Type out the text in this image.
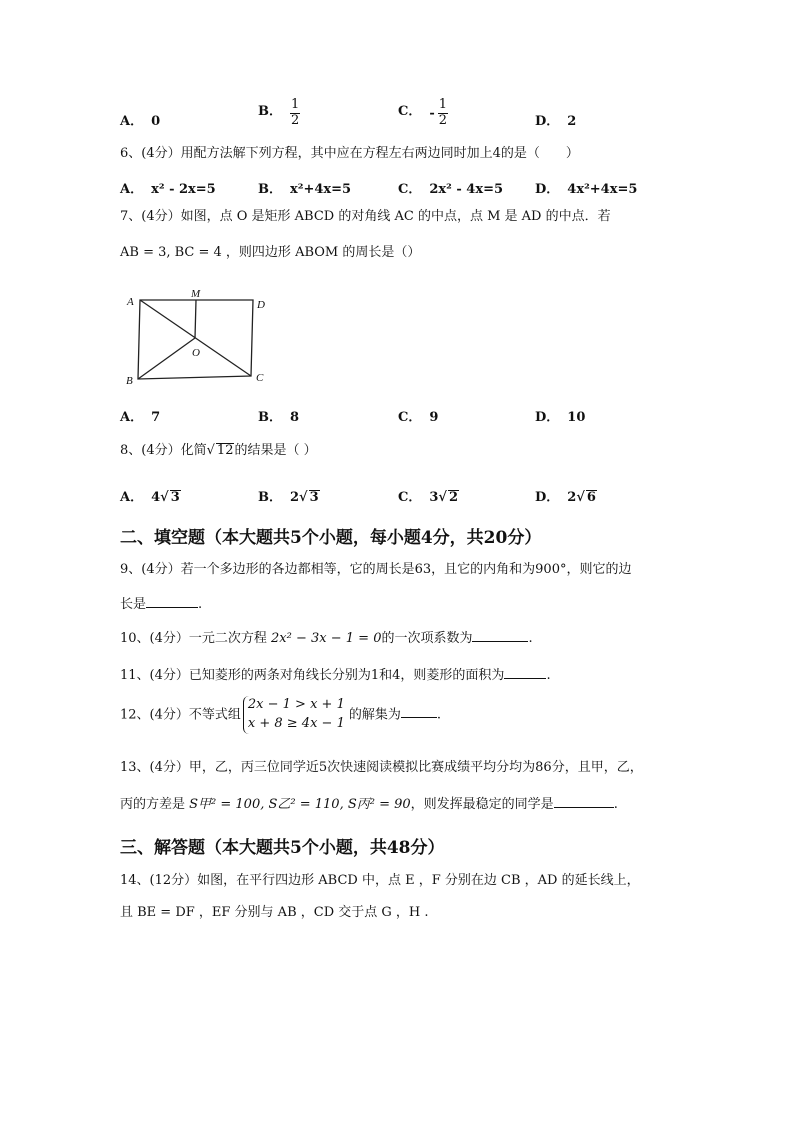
A． 0
B． $\frac{1}{2}$	C． - $\frac{1}{2}$	D． 2
6、(4分）用配方法解下列方程，其中应在方程左右两边同时加上4的是（　　）
A． x² - 2x=5	B． x²+4x=5	C． 2x² - 4x=5 D． 4x²+4x=5
7、(4分）如图，点 O 是矩形 ABCD 的对角线 AC 的中点，点 M 是 AD 的中点．若
AB = 3, BC = 4 ，则四边形 ABOM 的周长是（）
A
M
D
O
B	C
A． 7	B． 8	C． 9	D． 10
8、(4分）化简√ 12的结果是（ ）
A． 4√ 3	B． 2√ 3	C． 3√ 2	D． 2√ 6
二、填空题（本大题共5个小题，每小题4分，共20分）
9、(4分）若一个多边形的各边都相等，它的周长是63，且它的内角和为900°，则它的边
长是	.
10、(4分）一元二次方程 2x² − 3x − 1 = 0的一次项系数为	.
11、(4分）已知菱形的两条对角线长分别为1和4，则菱形的面积为	.
12、(4分）不等式组
2x − 1 > x + 1
x + 8 ≥ 4x − 1
的解集为	.
13、(4分）甲，乙，丙三位同学近5次快速阅读模拟比赛成绩平均分均为86分，且甲，乙，
丙的方差是 S甲² = 100, S乙² = 110, S丙² = 90，则发挥最稳定的同学是	.
三、解答题（本大题共5个小题，共48分）
14、(12分）如图，在平行四边形 ABCD 中，点 E ，F 分别在边 CB ，AD 的延长线上，
且 BE = DF ，EF 分别与 AB ，CD 交于点 G ，H .
